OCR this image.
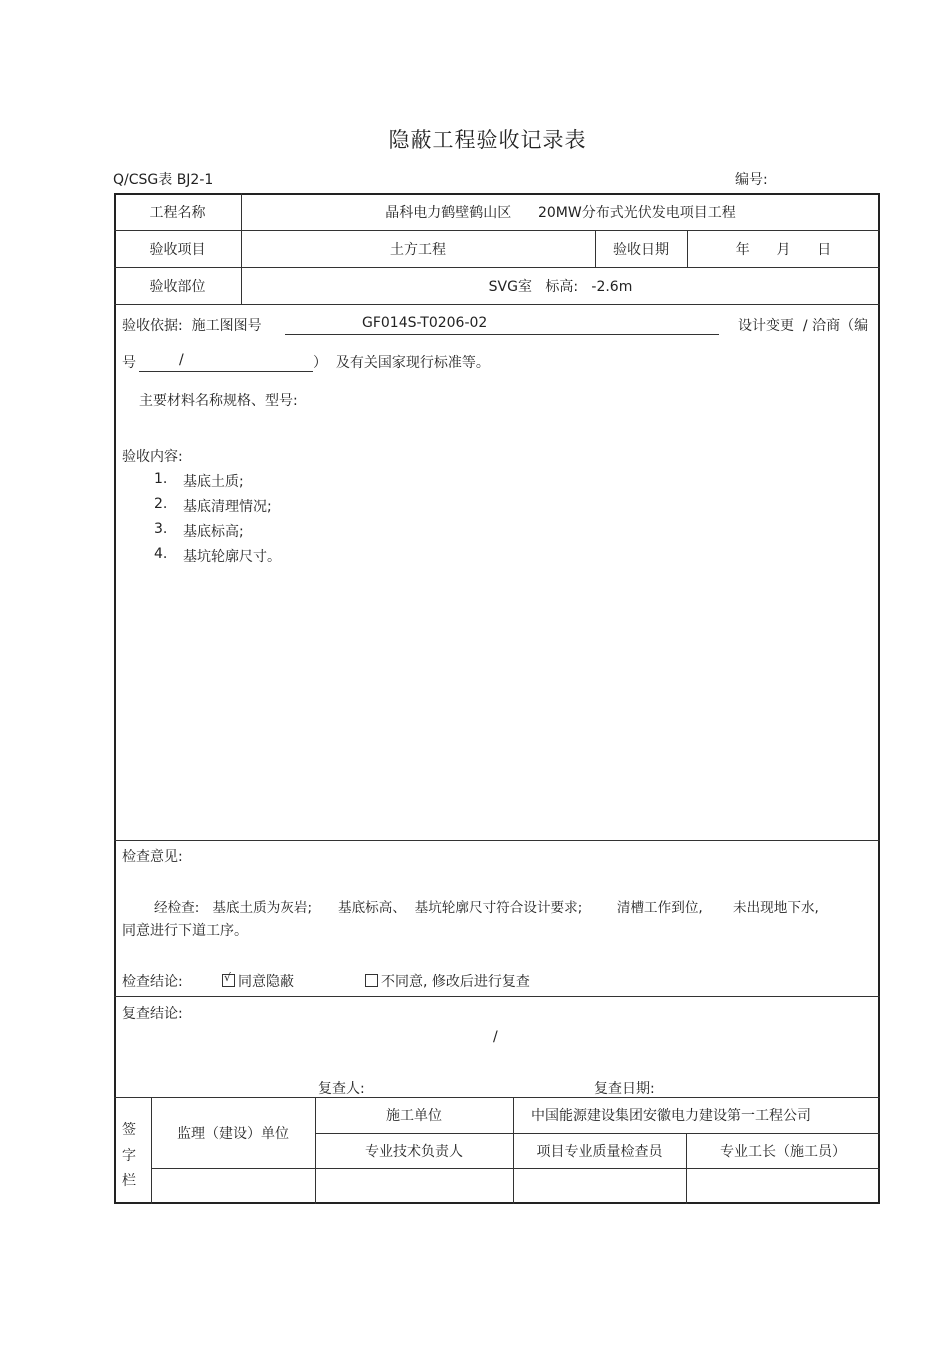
隐蔽工程验收记录表
Q/CSG表 BJ2-1	编号:
工程名称	晶科电力鹤壁鹤山区      20MW分布式光伏发电项目工程
验收项目	土方工程	验收日期	年      月      日
验收部位	SVG室   标高:   -2.6m
验收依据:  施工图图号	GF014S-T0206-02	设计变更  / 洽商（编
号	/	）  及有关国家现行标准等。
主要材料名称规格、型号:
验收内容:
1. 基底土质;
2. 基底清理情况;
3. 基底标高;
4. 基坑轮廓尺寸。
检查意见:
经检查:   基底土质为灰岩;      基底标高、  基坑轮廓尺寸符合设计要求;        清槽工作到位,       未出现地下水,
同意进行下道工序。
检查结论:	√ 同意隐蔽	不同意, 修改后进行复查
复查结论:
/
复查人:	复查日期:
签
字
栏
监理（建设）单位
施工单位	中国能源建设集团安徽电力建设第一工程公司
专业技术负责人	项目专业质量检查员	专业工长（施工员）
